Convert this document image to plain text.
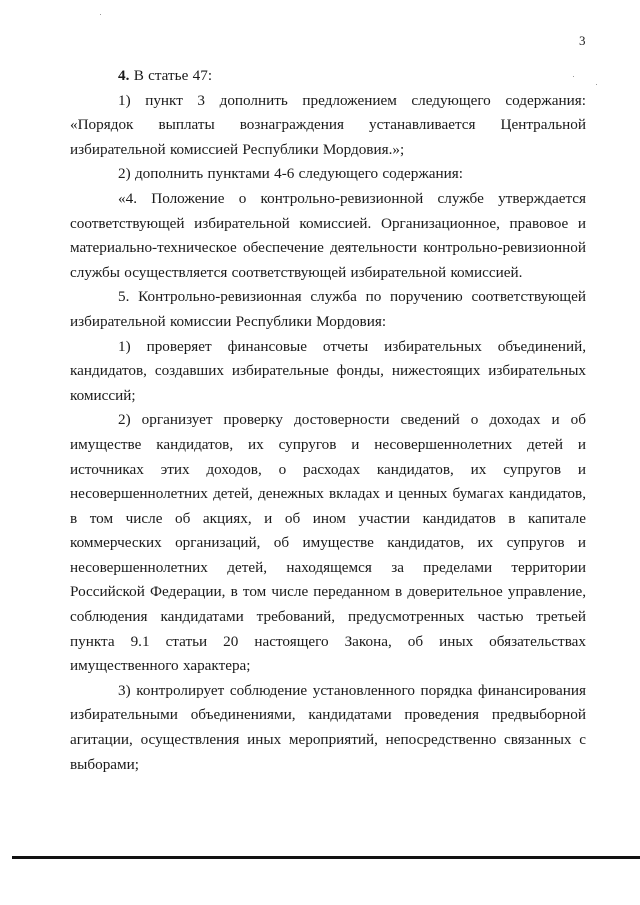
3

4. В статье 47:

1) пункт 3 дополнить предложением следующего содержания: «Порядок выплаты вознаграждения устанавливается Центральной избирательной комиссией Республики Мордовия.»;

2) дополнить пунктами 4-6 следующего содержания:

«4. Положение о контрольно-ревизионной службе утверждается соответствующей избирательной комиссией. Организационное, правовое и материально-техническое обеспечение деятельности контрольно-ревизионной службы осуществляется соответствующей избирательной комиссией.

5. Контрольно-ревизионная служба по поручению соответствующей избирательной комиссии Республики Мордовия:

1) проверяет финансовые отчеты избирательных объединений, кандидатов, создавших избирательные фонды, нижестоящих избирательных комиссий;

2) организует проверку достоверности сведений о доходах и об имуществе кандидатов, их супругов и несовершеннолетних детей и источниках этих доходов, о расходах кандидатов, их супругов и несовершеннолетних детей, денежных вкладах и ценных бумагах кандидатов, в том числе об акциях, и об ином участии кандидатов в капитале коммерческих организаций, об имуществе кандидатов, их супругов и несовершеннолетних детей, находящемся за пределами территории Российской Федерации, в том числе переданном в доверительное управление, соблюдения кандидатами требований, предусмотренных частью третьей пункта 9.1 статьи 20 настоящего Закона, об иных обязательствах имущественного характера;

3) контролирует соблюдение установленного порядка финансирования избирательными объединениями, кандидатами проведения предвыборной агитации, осуществления иных мероприятий, непосредственно связанных с выборами;
